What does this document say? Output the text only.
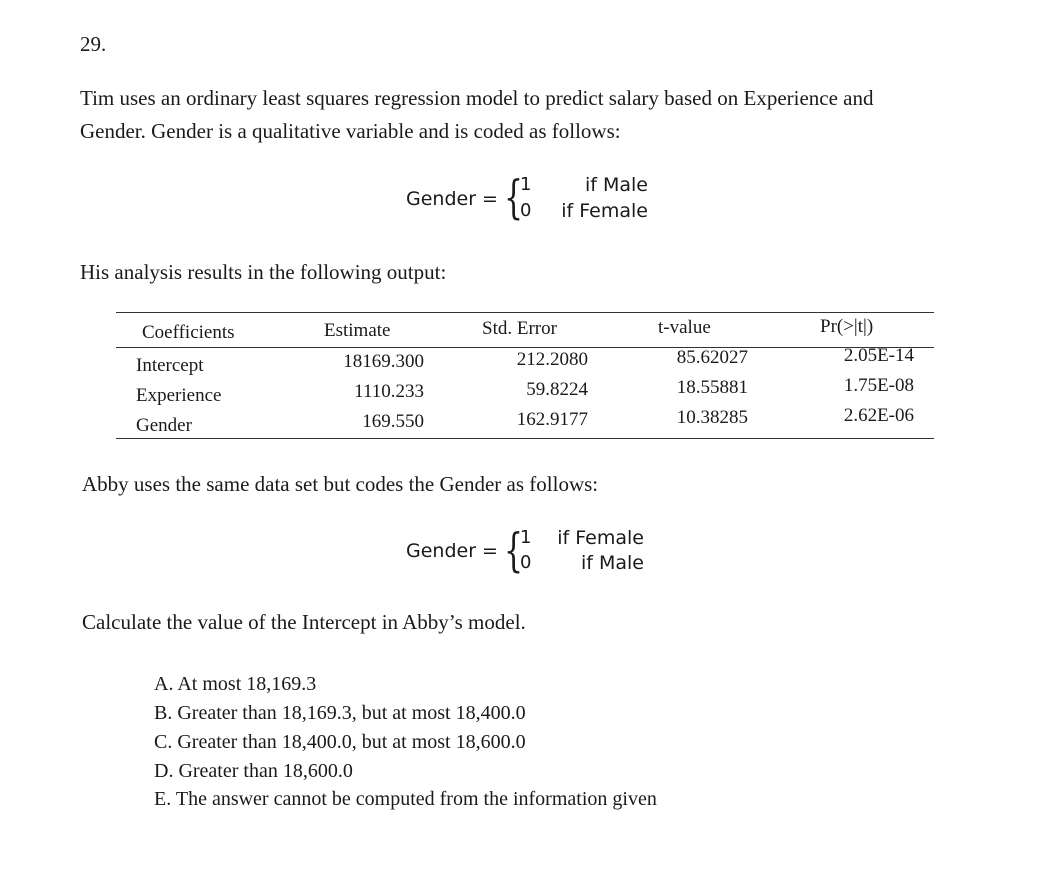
29.
Tim uses an ordinary least squares regression model to predict salary based on Experience and
Gender. Gender is a qualitative variable and is coded as follows:
Gender = {
1
0
if Male
if Female
His analysis results in the following output:
Coefficients	Estimate	Std. Error	t-value	Pr(>|t|)
Intercept	18169.300	212.2080	85.62027	2.05E-14
Experience	1110.233	59.8224	18.55881	1.75E-08
Gender	169.550	162.9177	10.38285	2.62E-06
Abby uses the same data set but codes the Gender as follows:
Gender = {
1
0
if Female
if Male
Calculate the value of the Intercept in Abby’s model.
A. At most 18,169.3
B. Greater than 18,169.3, but at most 18,400.0
C. Greater than 18,400.0, but at most 18,600.0
D. Greater than 18,600.0
E. The answer cannot be computed from the information given
